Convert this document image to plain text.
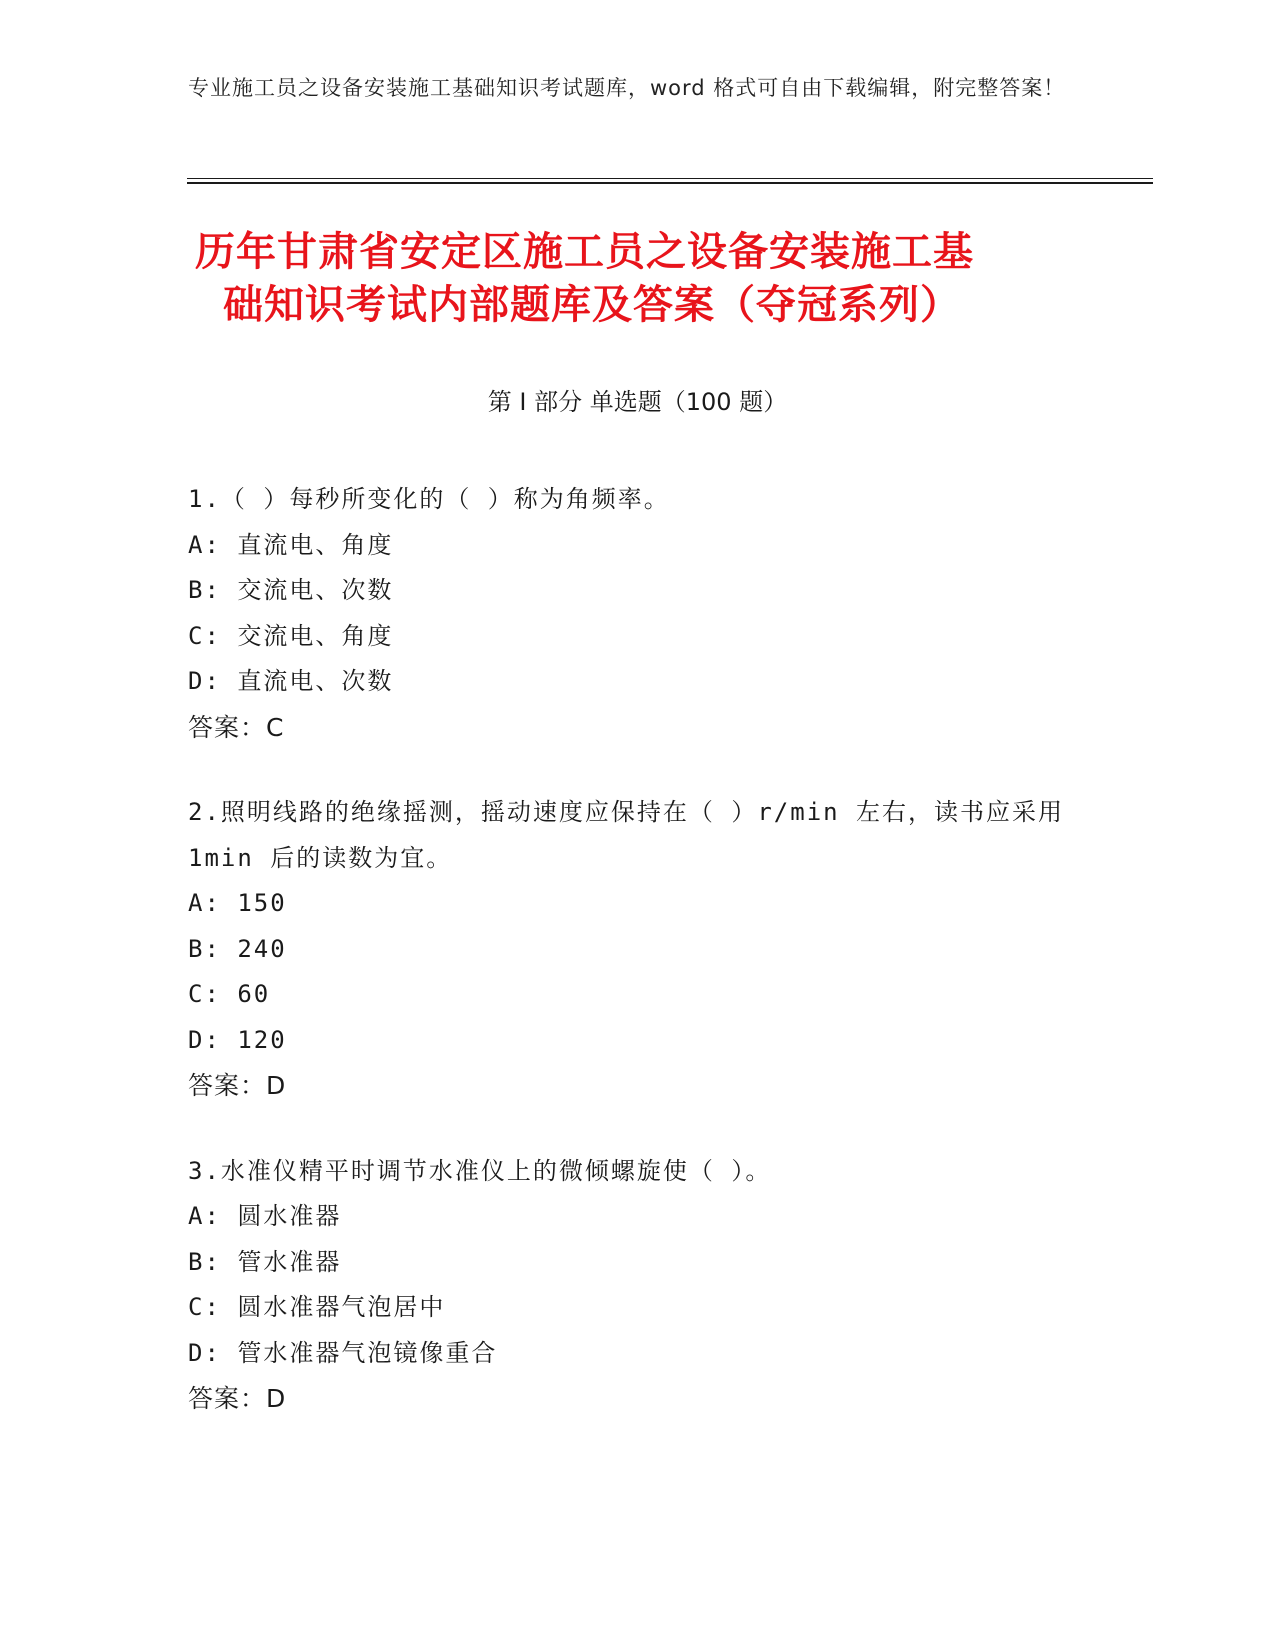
专业施工员之设备安装施工基础知识考试题库，word 格式可自由下载编辑，附完整答案！
历年甘肃省安定区施工员之设备安装施工基
础知识考试内部题库及答案（夺冠系列）
第 I 部分 单选题（100 题）
1.（ ）每秒所变化的（ ）称为角频率。
A: 直流电、角度
B: 交流电、次数
C: 交流电、角度
D: 直流电、次数
答案：C
2.照明线路的绝缘摇测，摇动速度应保持在（ ）r/min 左右，读书应采用 1min 后的读数为宜。
A: 150
B: 240
C: 60
D: 120
答案：D
3.水准仪精平时调节水准仪上的微倾螺旋使（ ）。
A: 圆水准器
B: 管水准器
C: 圆水准器气泡居中
D: 管水准器气泡镜像重合
答案：D
